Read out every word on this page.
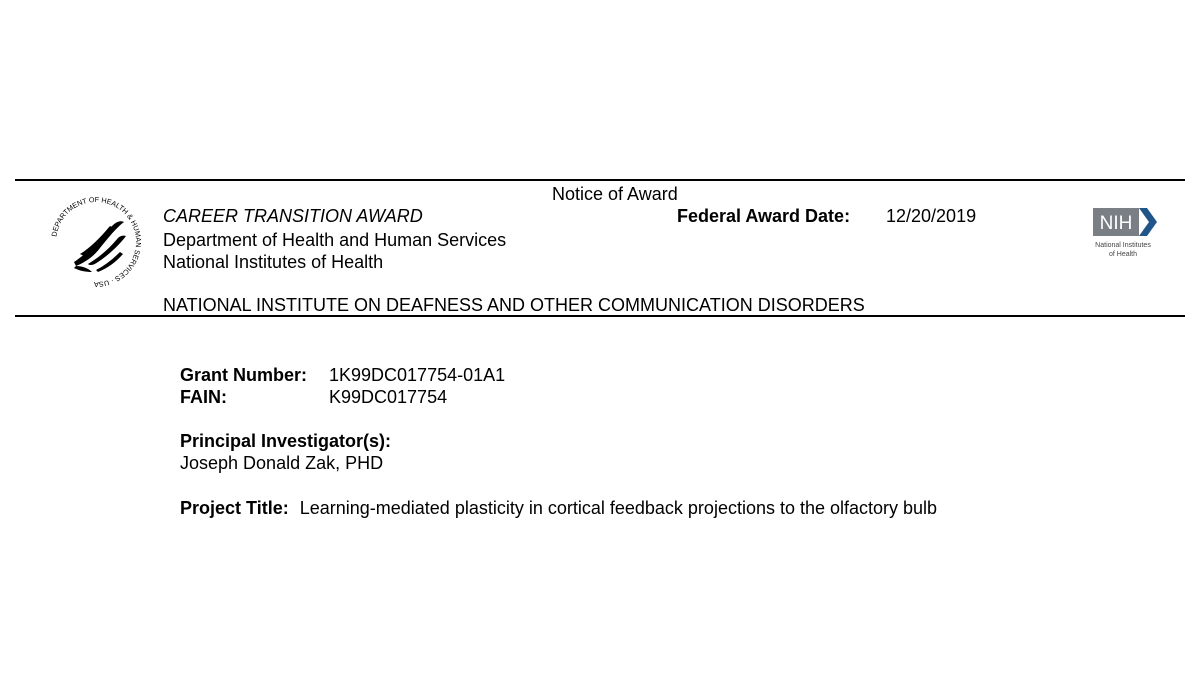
DEPARTMENT OF HEALTH & HUMAN SERVICES · USA
Notice of Award
CAREER TRANSITION AWARD
Department of Health and Human Services
National Institutes of Health
NATIONAL INSTITUTE ON DEAFNESS AND OTHER COMMUNICATION DISORDERS
Federal Award Date: 12/20/2019	NIH
National Institutes
of Health
Grant Number: 1K99DC017754-01A1
FAIN:	K99DC017754
Principal Investigator(s):
Joseph Donald Zak, PHD
Project Title: Learning-mediated plasticity in cortical feedback projections to the olfactory bulb
